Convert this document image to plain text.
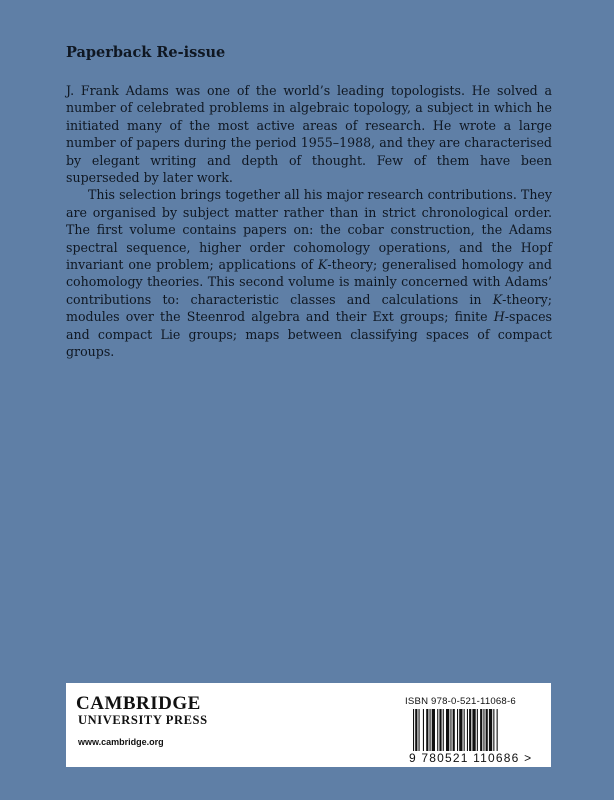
Paperback Re-issue

J. Frank Adams was one of the world’s leading topologists. He solved a number of celebrated problems in algebraic topology, a subject in which he initiated many of the most active areas of research. He wrote a large number of papers during the period 1955–1988, and they are characterised by elegant writing and depth of thought. Few of them have been superseded by later work.

This selection brings together all his major research contributions. They are organised by subject matter rather than in strict chronological order. The first volume contains papers on: the cobar construction, the Adams spectral sequence, higher order cohomology operations, and the Hopf invariant one problem; applications of K-theory; generalised homology and cohomology theories. This second volume is mainly concerned with Adams’ contributions to: characteristic classes and calculations in K-theory; modules over the Steenrod algebra and their Ext groups; finite H-spaces and compact Lie groups; maps between classifying spaces of compact groups.

CAMBRIDGE
UNIVERSITY PRESS
www.cambridge.org
ISBN 978-0-521-11068-6
9 780521 110686 >
